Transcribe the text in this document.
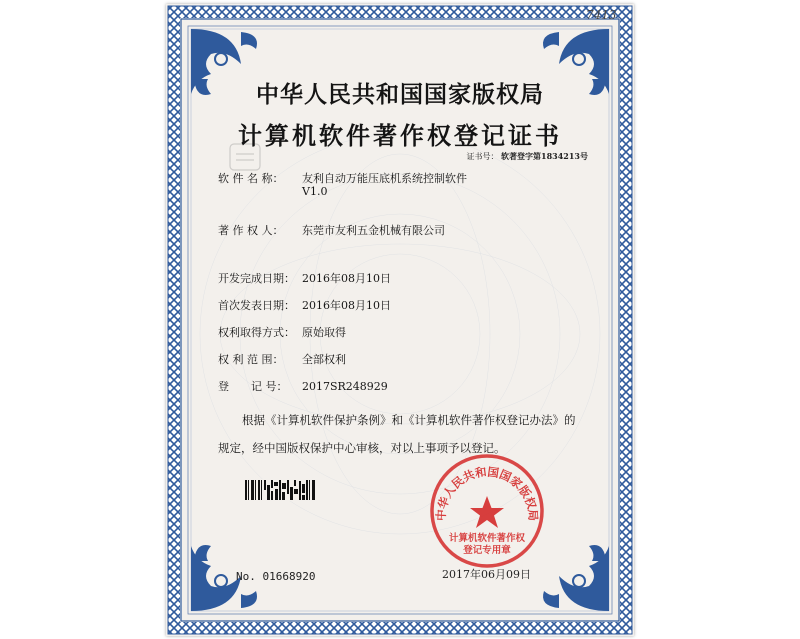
7413
中华人民共和国国家版权局
计算机软件著作权登记证书
证书号： 软著登字第1834213号
软 件 名 称： 友利自动万能压底机系统控制软件
V1.0
著 作 权 人： 东莞市友利五金机械有限公司
开发完成日期： 2016年08月10日
首次发表日期： 2016年08月10日
权利取得方式： 原始取得
权 利 范 围： 全部权利
登　　记 号： 2017SR248929
根据《计算机软件保护条例》和《计算机软件著作权登记办法》的
规定，经中国版权保护中心审核，对以上事项予以登记。
No. 01668920	2017年06月09日
中华人民共和国国家版权局
计算机软件著作权
登记专用章
